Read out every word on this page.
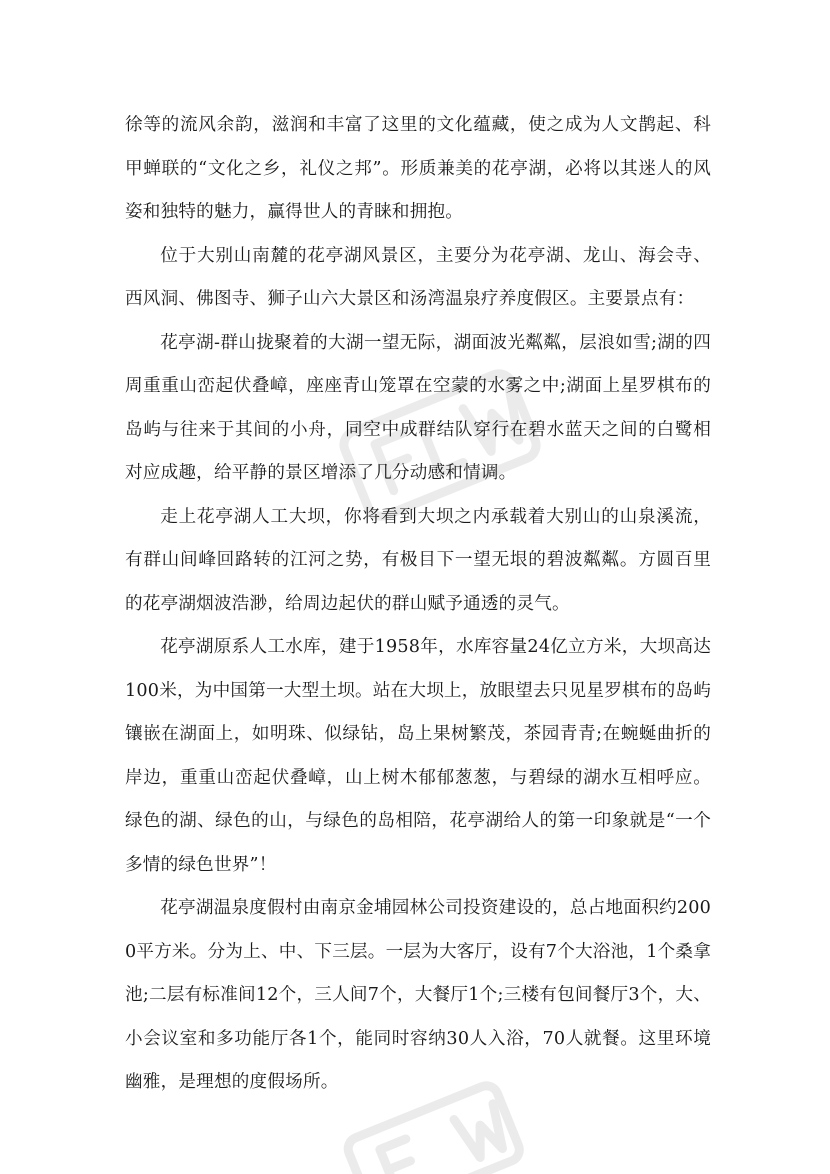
徐等的流风余韵，滋润和丰富了这里的文化蕴藏，使之成为人文鹊起、科甲蝉联的“文化之乡，礼仪之邦”。形质兼美的花亭湖，必将以其迷人的风姿和独特的魅力，赢得世人的青睐和拥抱。

位于大别山南麓的花亭湖风景区，主要分为花亭湖、龙山、海会寺、西风洞、佛图寺、狮子山六大景区和汤湾温泉疗养度假区。主要景点有：

花亭湖-群山拢聚着的大湖一望无际，湖面波光粼粼，层浪如雪;湖的四周重重山峦起伏叠嶂，座座青山笼罩在空蒙的水雾之中;湖面上星罗棋布的岛屿与往来于其间的小舟，同空中成群结队穿行在碧水蓝天之间的白鹭相对应成趣，给平静的景区增添了几分动感和情调。

走上花亭湖人工大坝，你将看到大坝之内承载着大别山的山泉溪流，有群山间峰回路转的江河之势，有极目下一望无垠的碧波粼粼。方圆百里的花亭湖烟波浩渺，给周边起伏的群山赋予通透的灵气。

花亭湖原系人工水库，建于1958年，水库容量24亿立方米，大坝高达100米，为中国第一大型土坝。站在大坝上，放眼望去只见星罗棋布的岛屿镶嵌在湖面上，如明珠、似绿钻，岛上果树繁茂，茶园青青;在蜿蜒曲折的岸边，重重山峦起伏叠嶂，山上树木郁郁葱葱，与碧绿的湖水互相呼应。绿色的湖、绿色的山，与绿色的岛相陪，花亭湖给人的第一印象就是“一个多情的绿色世界”！

花亭湖温泉度假村由南京金埔园林公司投资建设的，总占地面积约2000平方米。分为上、中、下三层。一层为大客厅，设有7个大浴池，1个桑拿池;二层有标准间12个，三人间7个，大餐厅1个;三楼有包间餐厅3个，大、小会议室和多功能厅各1个，能同时容纳30人入浴，70人就餐。这里环境幽雅，是理想的度假场所。
